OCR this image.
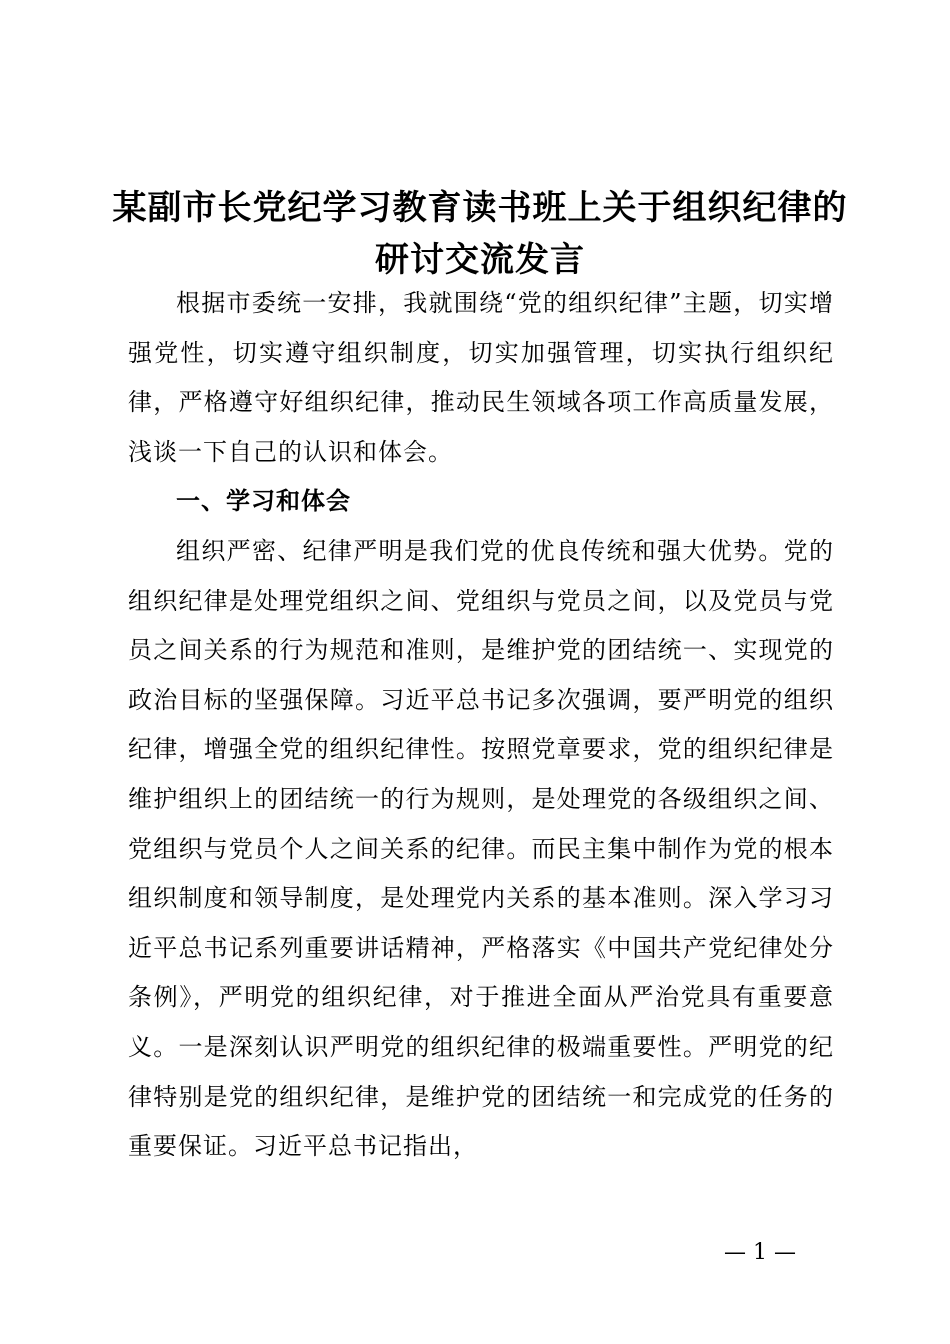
某副市长党纪学习教育读书班上关于组织纪律的研讨交流发言

根据市委统一安排，我就围绕“党的组织纪律”主题，切实增强党性，切实遵守组织制度，切实加强管理，切实执行组织纪律，严格遵守好组织纪律，推动民生领域各项工作高质量发展，浅谈一下自己的认识和体会。

一、学习和体会

组织严密、纪律严明是我们党的优良传统和强大优势。党的组织纪律是处理党组织之间、党组织与党员之间，以及党员与党员之间关系的行为规范和准则，是维护党的团结统一、实现党的政治目标的坚强保障。习近平总书记多次强调，要严明党的组织纪律，增强全党的组织纪律性。按照党章要求，党的组织纪律是维护组织上的团结统一的行为规则，是处理党的各级组织之间、党组织与党员个人之间关系的纪律。而民主集中制作为党的根本组织制度和领导制度，是处理党内关系的基本准则。深入学习习近平总书记系列重要讲话精神，严格落实《中国共产党纪律处分条例》，严明党的组织纪律，对于推进全面从严治党具有重要意义。一是深刻认识严明党的组织纪律的极端重要性。严明党的纪律特别是党的组织纪律，是维护党的团结统一和完成党的任务的重要保证。习近平总书记指出，

— 1 —
